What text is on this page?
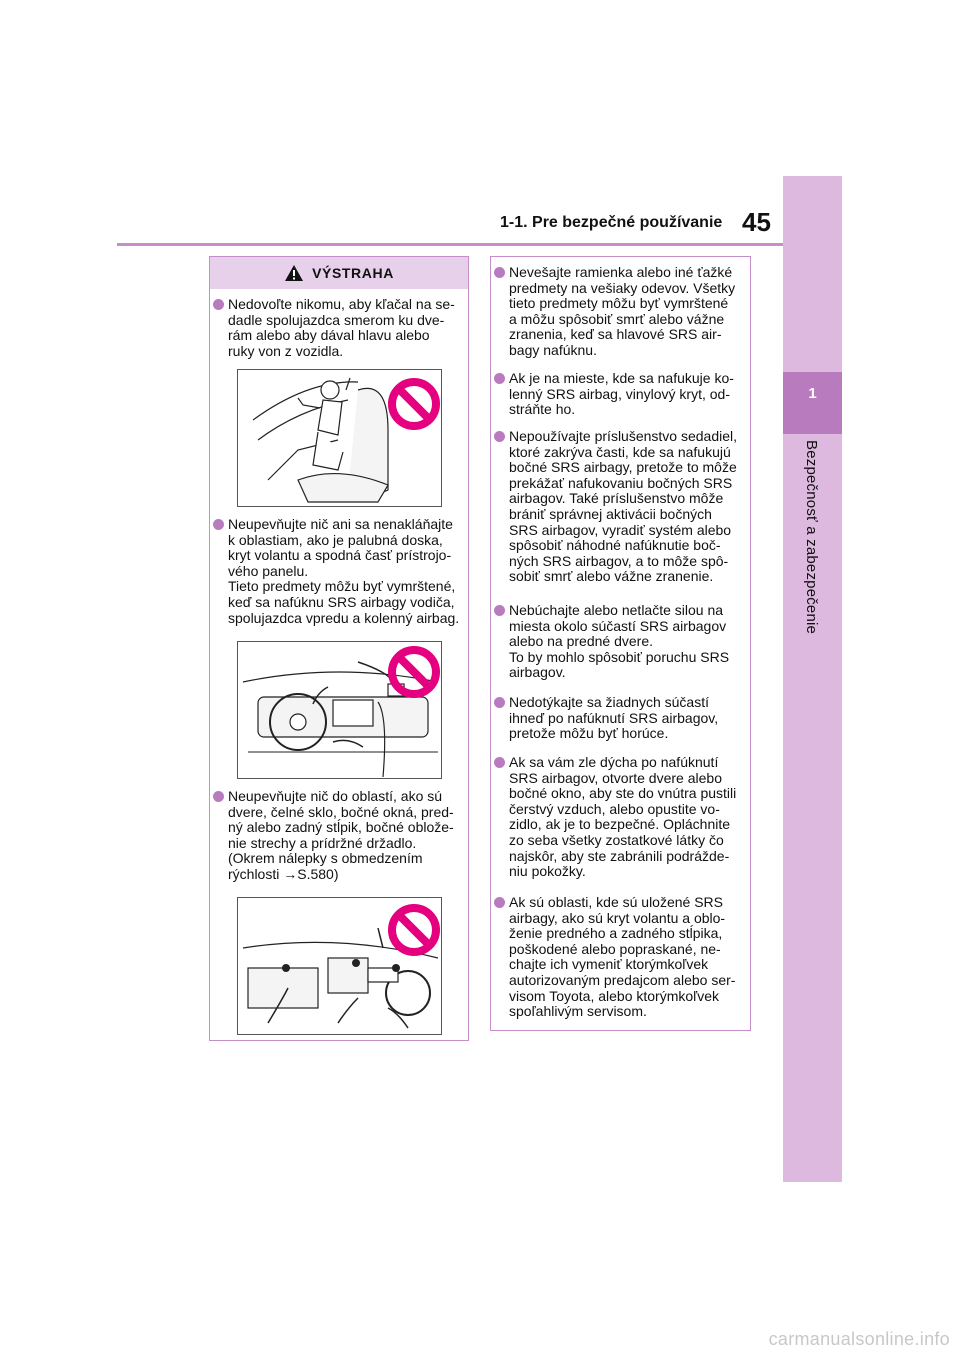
1
Bezpečnosť a zabezpečenie
1-1. Pre bezpečné používanie 45
VÝSTRAHA

Nedovoľte nikomu, aby kľačal na se-

dadle spolujazdca smerom ku dve-

rám alebo aby dával hlavu alebo

ruky von z vozidla.

Neupevňujte nič ani sa nenakláňajte

k oblastiam, ako je palubná doska,

kryt volantu a spodná časť prístrojo-

vého panelu.

Tieto predmety môžu byť vymrštené,

keď sa nafúknu SRS airbagy vodiča,

spolujazdca vpredu a kolenný airbag.

Neupevňujte nič do oblastí, ako sú

dvere, čelné sklo, bočné okná, pred-

ný alebo zadný stĺpik, bočné oblože-

nie strechy a prídržné držadlo.

(Okrem nálepky s obmedzením

rýchlosti →S.580)

Nevešajte ramienka alebo iné ťažké

predmety na vešiaky odevov. Všetky

tieto predmety môžu byť vymrštené

a môžu spôsobiť smrť alebo vážne

zranenia, keď sa hlavové SRS air-

bagy nafúknu.

Ak je na mieste, kde sa nafukuje ko-

lenný SRS airbag, vinylový kryt, od-

stráňte ho.

Nepoužívajte príslušenstvo sedadiel,

ktoré zakrýva časti, kde sa nafukujú

bočné SRS airbagy, pretože to môže

prekážať nafukovaniu bočných SRS

airbagov. Také príslušenstvo môže

brániť správnej aktivácii bočných

SRS airbagov, vyradiť systém alebo

spôsobiť náhodné nafúknutie boč-

ných SRS airbagov, a to môže spô-

sobiť smrť alebo vážne zranenie.

Nebúchajte alebo netlačte silou na

miesta okolo súčastí SRS airbagov

alebo na predné dvere.

To by mohlo spôsobiť poruchu SRS

airbagov.

Nedotýkajte sa žiadnych súčastí

ihneď po nafúknutí SRS airbagov,

pretože môžu byť horúce.

Ak sa vám zle dýcha po nafúknutí

SRS airbagov, otvorte dvere alebo

bočné okno, aby ste do vnútra pustili

čerstvý vzduch, alebo opustite vo-

zidlo, ak je to bezpečné. Opláchnite

zo seba všetky zostatkové látky čo

najskôr, aby ste zabránili podrážde-

niu pokožky.

Ak sú oblasti, kde sú uložené SRS

airbagy, ako sú kryt volantu a oblo-

ženie predného a zadného stĺpika,

poškodené alebo popraskané, ne-

chajte ich vymeniť ktorýmkoľvek

autorizovaným predajcom alebo ser-

visom Toyota, alebo ktorýmkoľvek

spoľahlivým servisom.

carmanualsonline.info
